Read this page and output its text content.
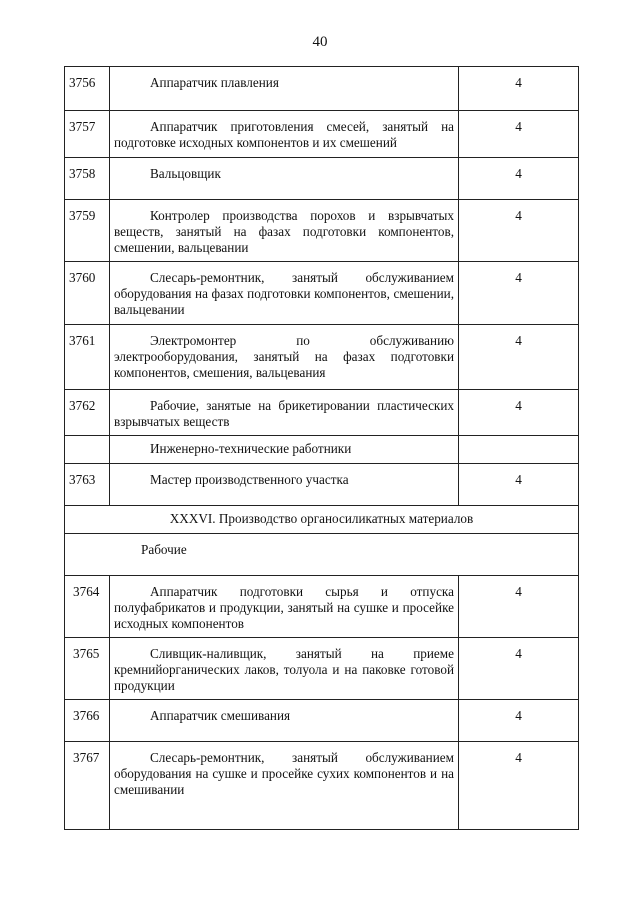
40
3756	Аппаратчик плавления	4
3757	Аппаратчик приготовления смесей, занятый на подготовке исходных компонентов и их смешений	4
3758	Вальцовщик	4
3759	Контролер производства порохов и взрывчатых веществ, занятый на фазах подготовки компонентов, смешении, вальцевании	4
3760	Слесарь-ремонтник, занятый обслуживанием оборудования на фазах подготовки компонентов, смешении, вальцевании	4
3761	Электромонтер по обслуживанию электрооборудования, занятый на фазах подготовки компонентов, смешения, вальцевания	4
3762	Рабочие, занятые на брикетировании пластических взрывчатых веществ	4

	Инженерно-технические работники	

3763	Мастер производственного участка	4
XXXVI. Производство органосиликатных материалов		
Рабочие		
3764	Аппаратчик подготовки сырья и отпуска полуфабрикатов и продукции, занятый на сушке и просейке исходных компонентов	4
3765	Сливщик-наливщик, занятый на приеме кремнийорганических лаков, толуола и на паковке готовой продукции	4
3766	Аппаратчик смешивания	4
3767	Слесарь-ремонтник, занятый обслуживанием оборудования на сушке и просейке сухих компонентов и на смешивании	4
